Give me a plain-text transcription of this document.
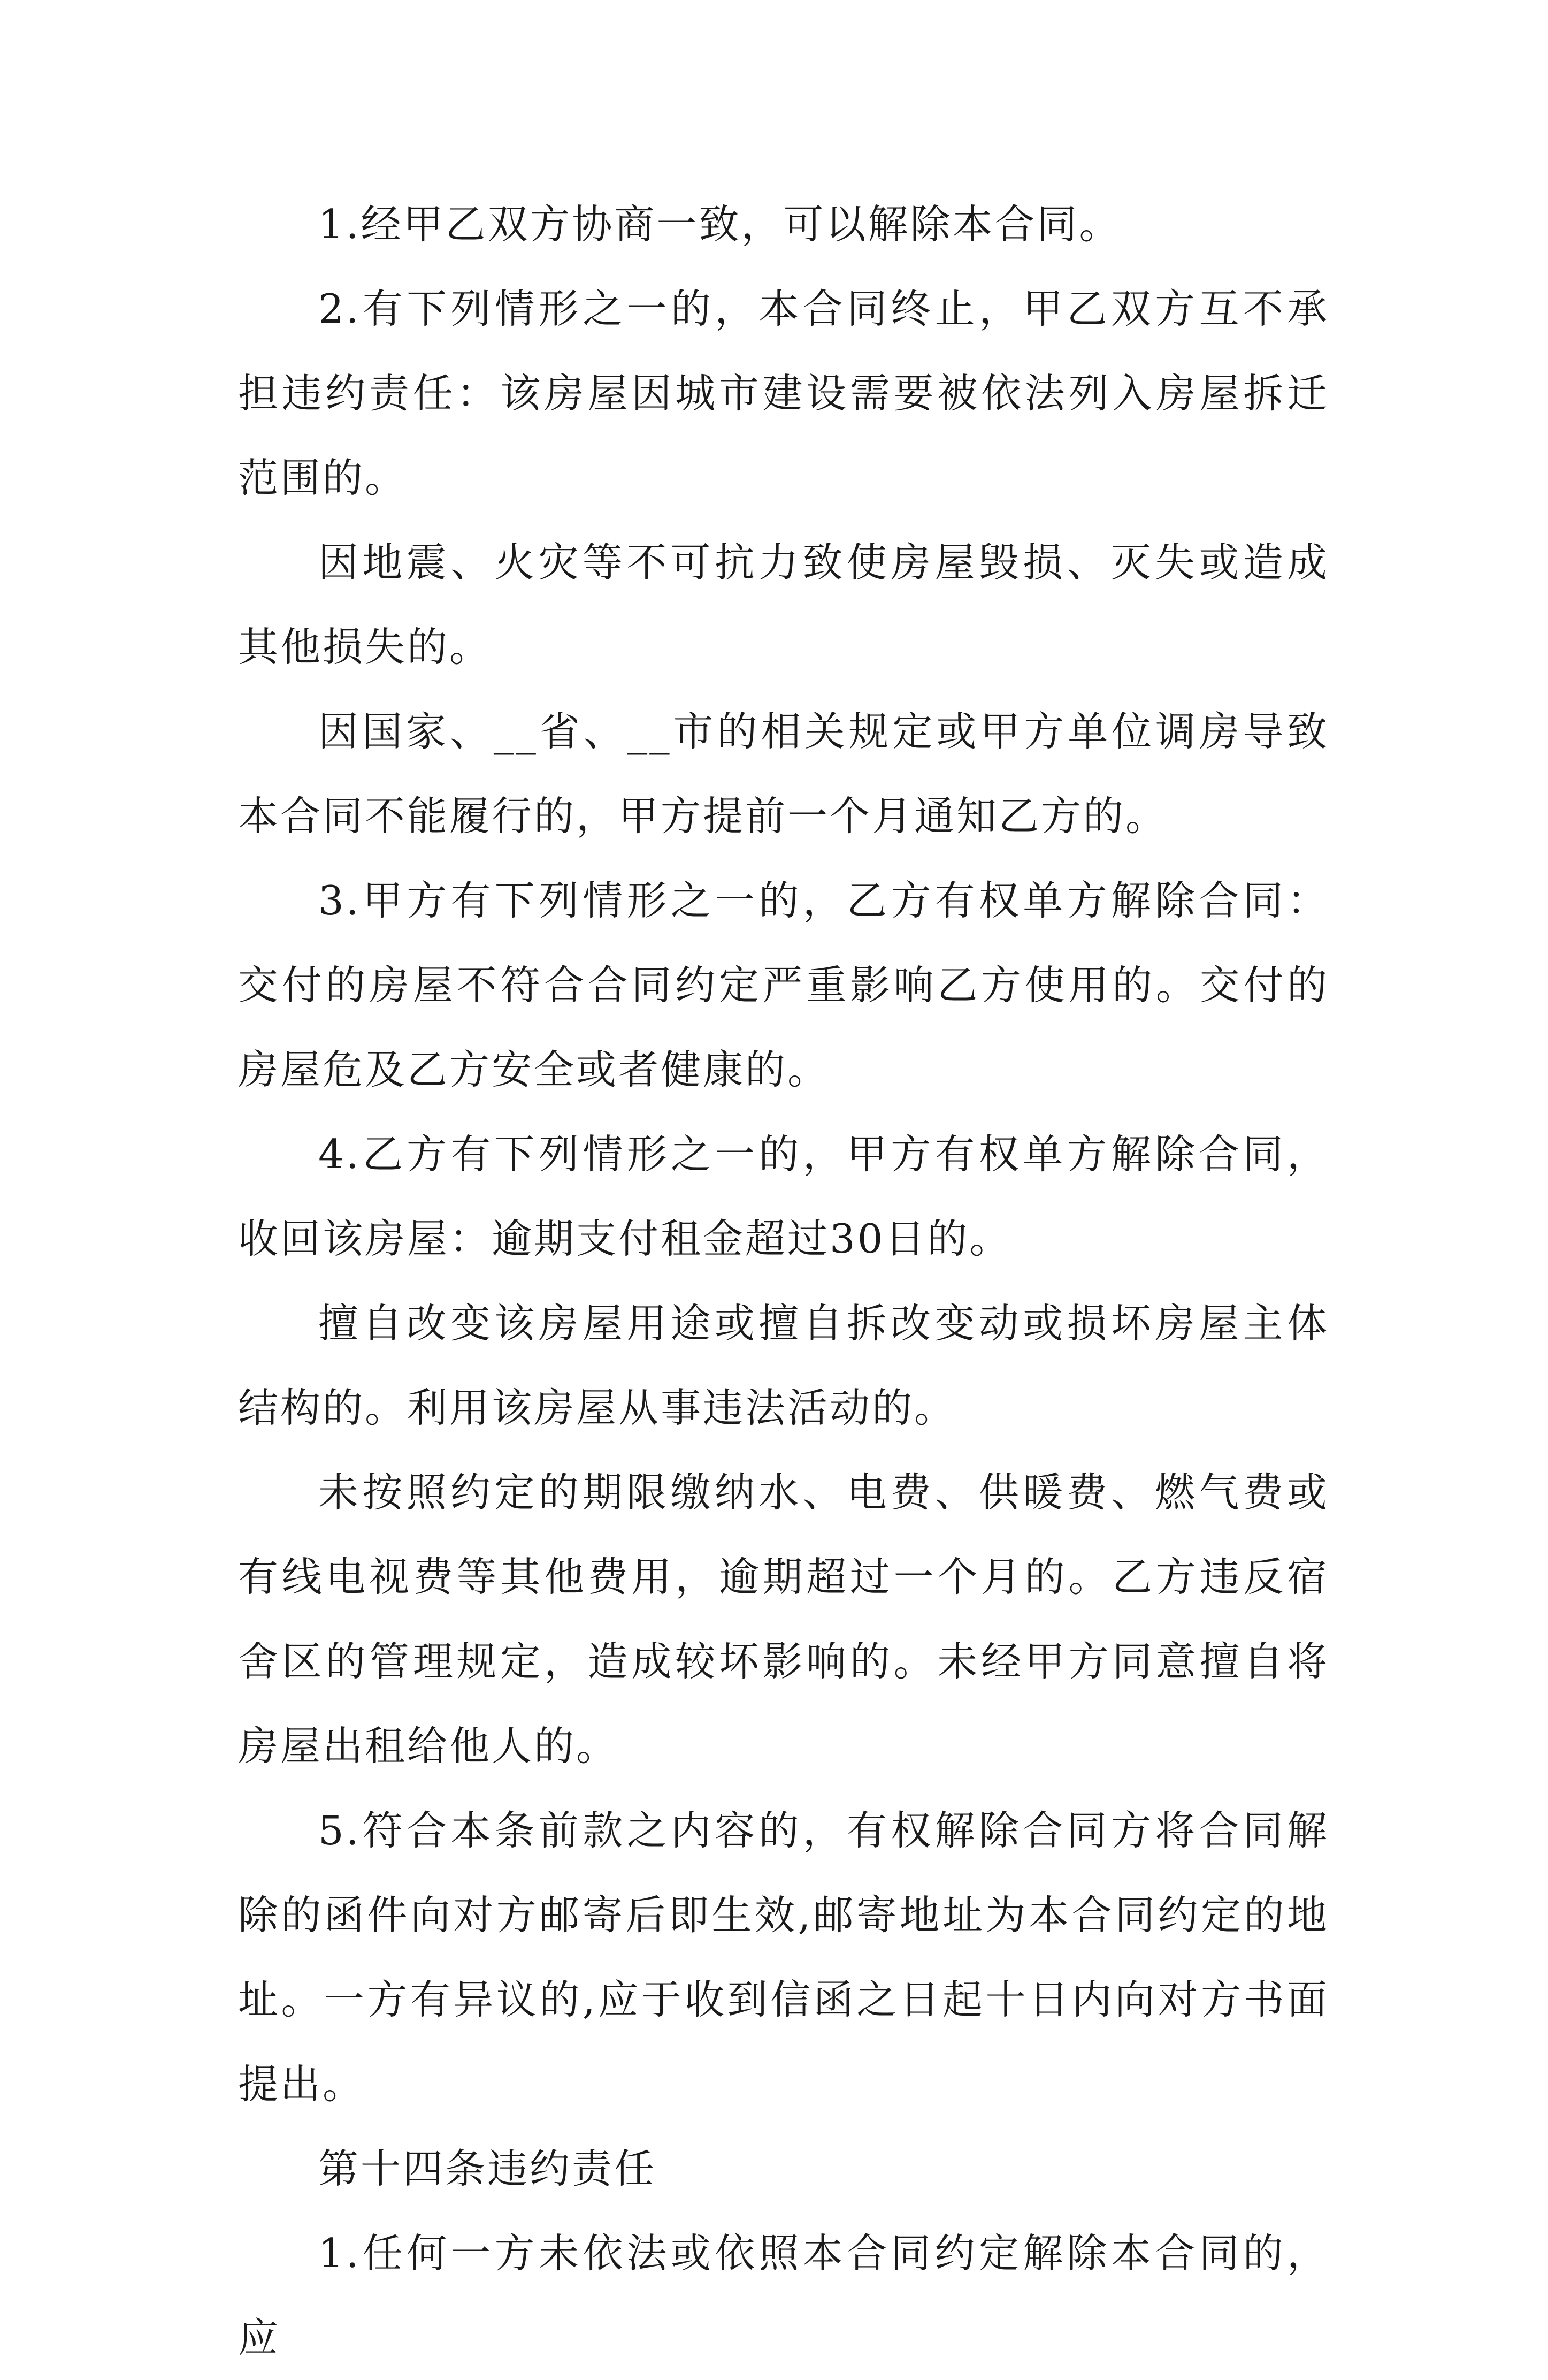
1.经甲乙双方协商一致，可以解除本合同。

2.有下列情形之一的，本合同终止，甲乙双方互不承担违约责任：该房屋因城市建设需要被依法列入房屋拆迁范围的。

因地震、火灾等不可抗力致使房屋毁损、灭失或造成其他损失的。

因国家、__省、__市的相关规定或甲方单位调房导致本合同不能履行的，甲方提前一个月通知乙方的。

3.甲方有下列情形之一的，乙方有权单方解除合同：交付的房屋不符合合同约定严重影响乙方使用的。交付的房屋危及乙方安全或者健康的。

4.乙方有下列情形之一的，甲方有权单方解除合同，收回该房屋：逾期支付租金超过30日的。

擅自改变该房屋用途或擅自拆改变动或损坏房屋主体结构的。利用该房屋从事违法活动的。

未按照约定的期限缴纳水、电费、供暖费、燃气费或有线电视费等其他费用，逾期超过一个月的。乙方违反宿舍区的管理规定，造成较坏影响的。未经甲方同意擅自将房屋出租给他人的。

5.符合本条前款之内容的，有权解除合同方将合同解除的函件向对方邮寄后即生效,邮寄地址为本合同约定的地址。一方有异议的,应于收到信函之日起十日内向对方书面提出。

第十四条违约责任

1.任何一方未依法或依照本合同约定解除本合同的，应
